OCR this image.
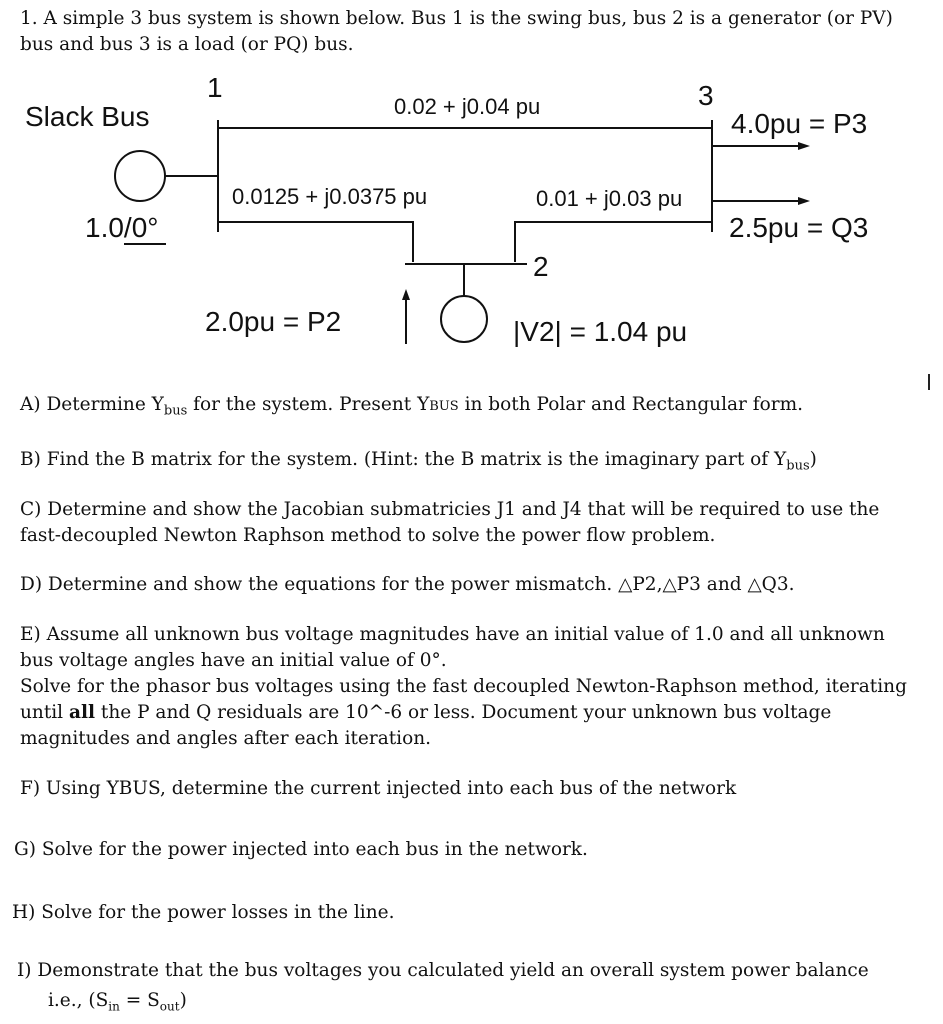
1. A simple 3 bus system is shown below. Bus 1 is the swing bus, bus 2 is a generator (or PV) bus and bus 3 is a load (or PQ) bus.
Slack Bus
1	3
0.02 + j0.04 pu
4.0pu = P3
0.0125 + j0.0375 pu	0.01 + j0.03 pu
1.0/0°	2.5pu = Q3
2
2.0pu = P2	|V2| = 1.04 pu
A) Determine $Y_{bus}$ for the system. Present YBUS in both Polar and Rectangular form.
B) Find the B matrix for the system. (Hint: the B matrix is the imaginary part of $Y_{bus}$)
C) Determine and show the Jacobian submatricies J1 and J4 that will be required to use the fast-decoupled Newton Raphson method to solve the power flow problem.
D) Determine and show the equations for the power mismatch. △P2,△P3 and △Q3.
E) Assume all unknown bus voltage magnitudes have an initial value of 1.0 and all unknown bus voltage angles have an initial value of 0°.
Solve for the phasor bus voltages using the fast decoupled Newton-Raphson method, iterating until all the P and Q residuals are 10^-6 or less. Document your unknown bus voltage magnitudes and angles after each iteration.
F) Using YBUS, determine the current injected into each bus of the network
G) Solve for the power injected into each bus in the network.
H) Solve for the power losses in the line.
I) Demonstrate that the bus voltages you calculated yield an overall system power balance
i.e., $(S_{in} = S_{out})$
